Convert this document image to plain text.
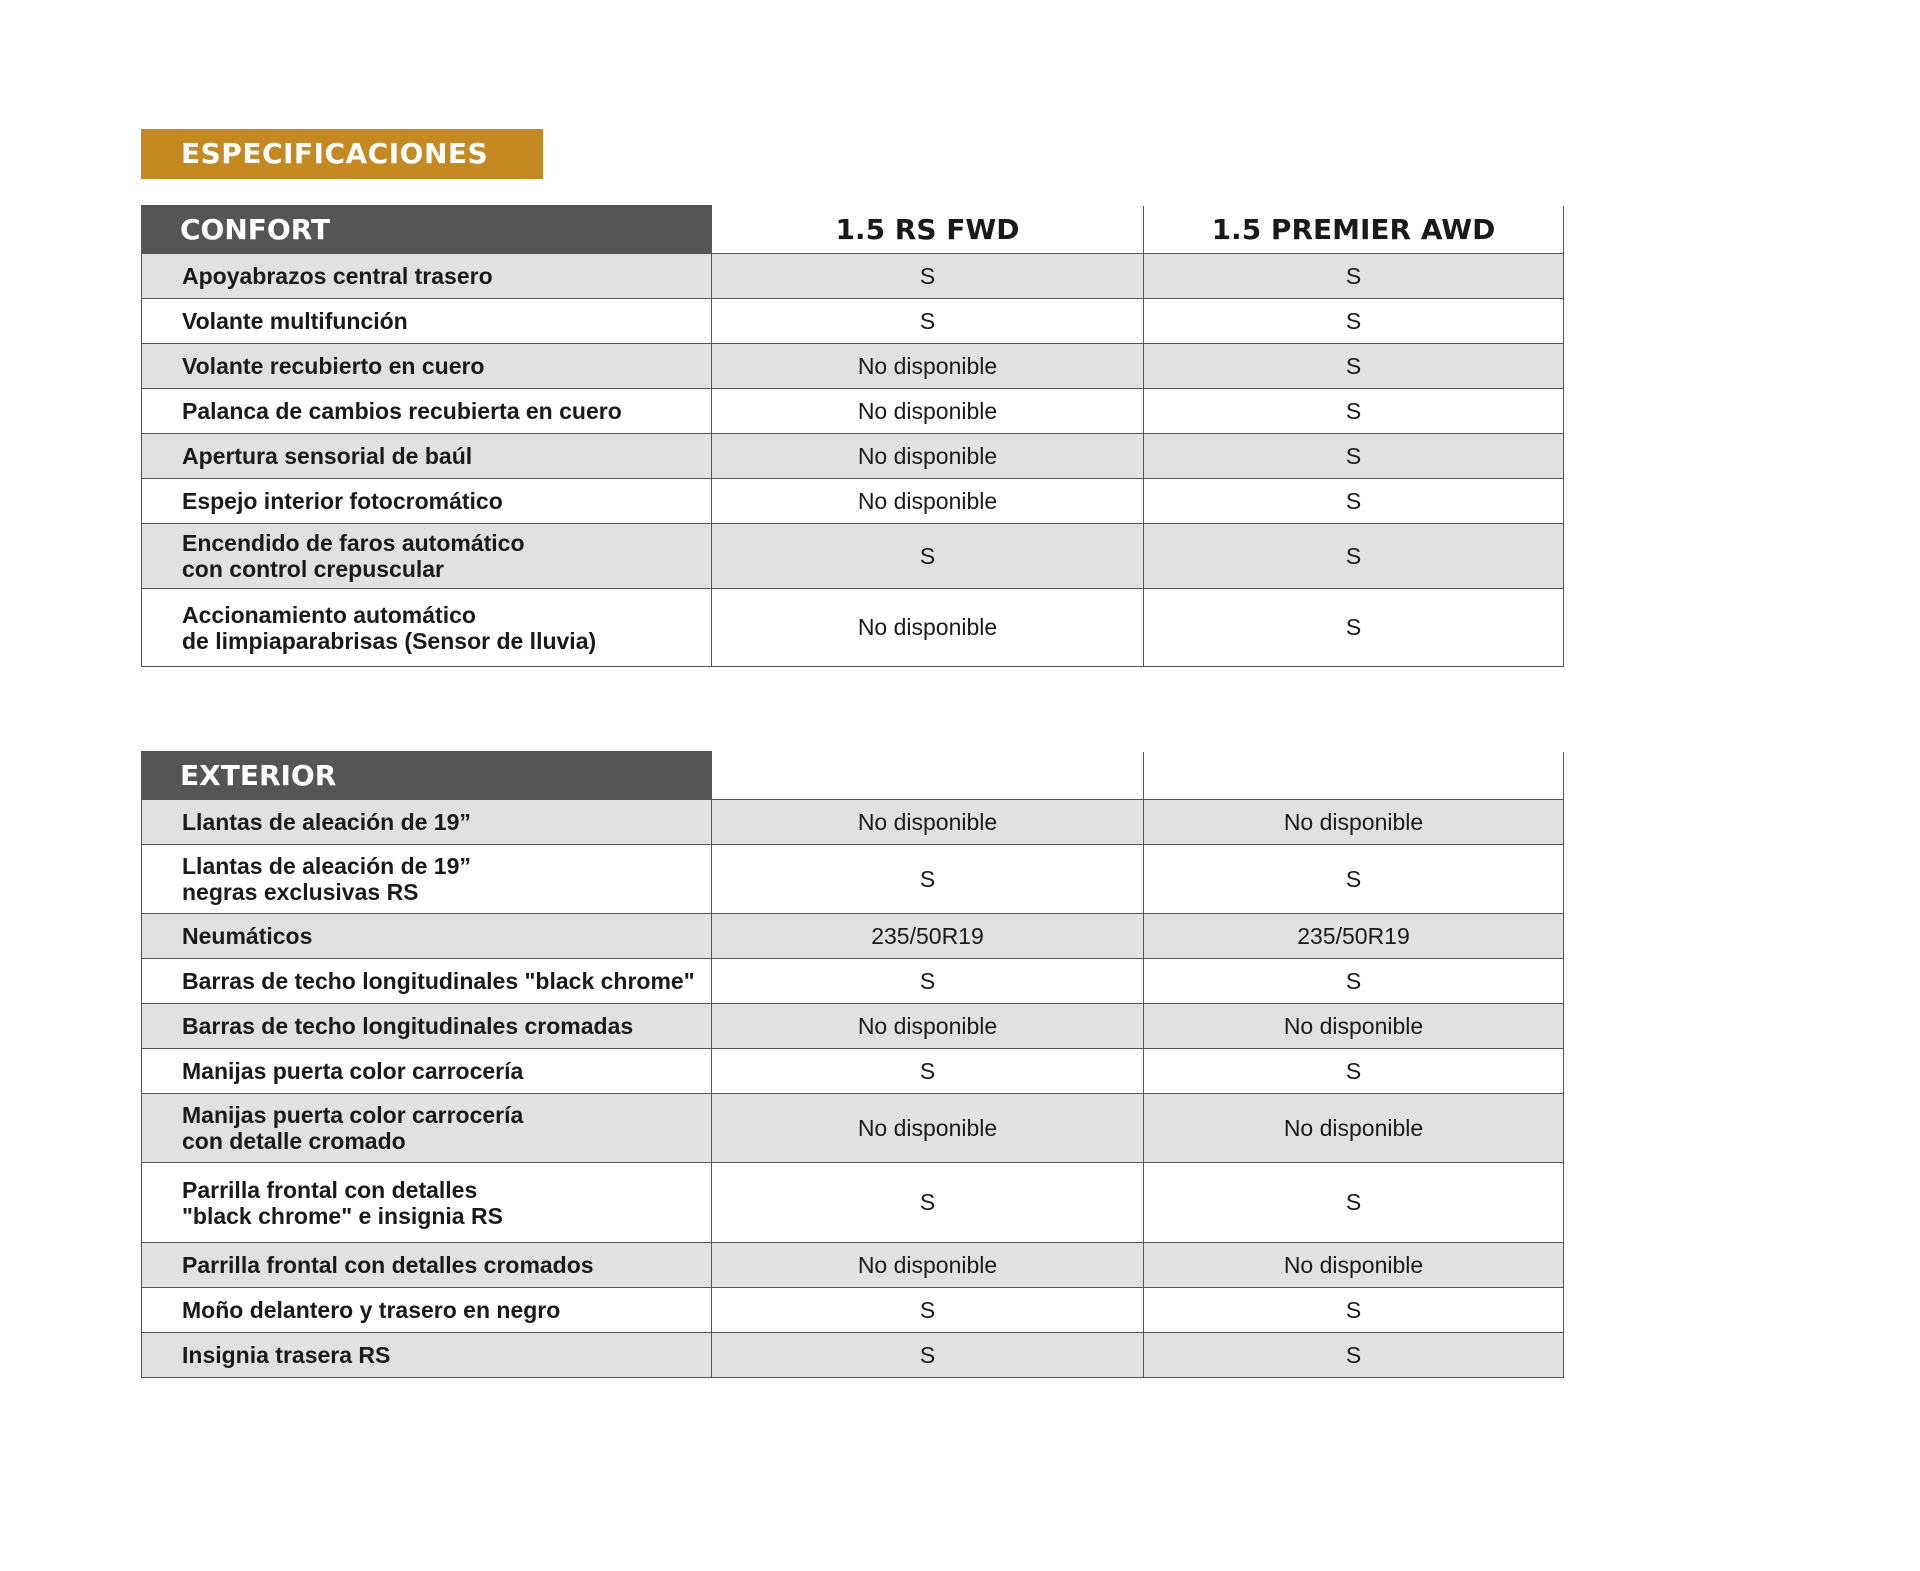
ESPECIFICACIONES
CONFORT	1.5 RS FWD	1.5 PREMIER AWD
Apoyabrazos central trasero	S	S
Volante multifunción	S	S
Volante recubierto en cuero	No disponible	S
Palanca de cambios recubierta en cuero	No disponible	S
Apertura sensorial de baúl	No disponible	S
Espejo interior fotocromático	No disponible	S
Encendido de faros automático
con control crepuscular	S	S
Accionamiento automático
de limpiaparabrisas (Sensor de lluvia)	No disponible	S
EXTERIOR		
Llantas de aleación de 19”	No disponible	No disponible
Llantas de aleación de 19”
negras exclusivas RS	S	S
Neumáticos	235/50R19	235/50R19
Barras de techo longitudinales "black chrome"	S	S
Barras de techo longitudinales cromadas	No disponible	No disponible
Manijas puerta color carrocería	S	S
Manijas puerta color carrocería
con detalle cromado	No disponible	No disponible
Parrilla frontal con detalles
"black chrome" e insignia RS	S	S
Parrilla frontal con detalles cromados	No disponible	No disponible
Moño delantero y trasero en negro	S	S
Insignia trasera RS	S	S
